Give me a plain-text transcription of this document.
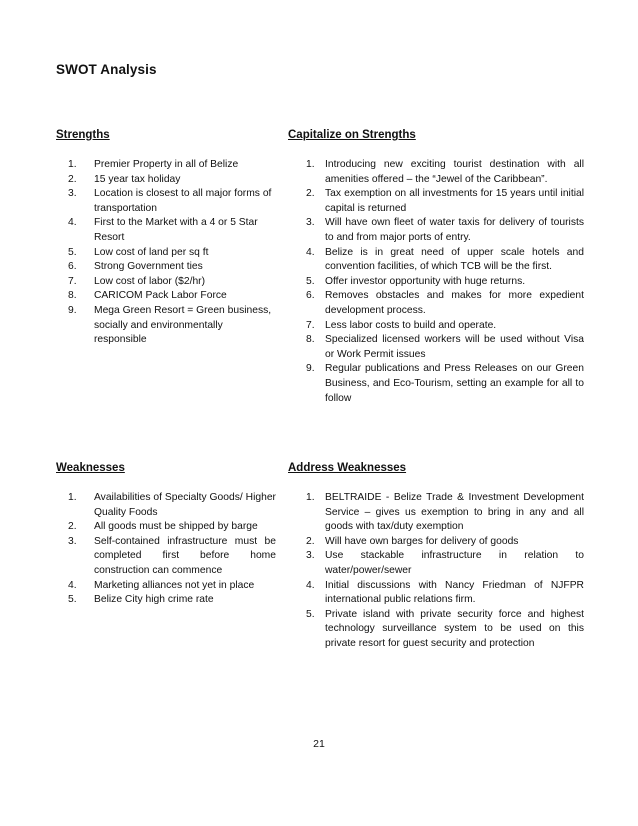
SWOT Analysis
Strengths
1. Premier Property in all of Belize
2. 15 year tax holiday
3. Location is closest to all major forms of transportation
4. First to the Market with a 4 or 5 Star Resort
5. Low cost of land per sq ft
6. Strong Government ties
7. Low cost of labor ($2/hr)
8. CARICOM Pack Labor Force
9. Mega Green Resort = Green business, socially and environmentally responsible
Capitalize on Strengths
1. Introducing new exciting tourist destination with all amenities offered – the “Jewel of the Caribbean”.
2. Tax exemption on all investments for 15 years until initial capital is returned
3. Will have own fleet of water taxis for delivery of tourists to and from major ports of entry.
4. Belize is in great need of upper scale hotels and convention facilities, of which TCB will be the first.
5. Offer investor opportunity with huge returns.
6. Removes obstacles and makes for more expedient development process.
7. Less labor costs to build and operate.
8. Specialized licensed workers will be used without Visa or Work Permit issues
9. Regular publications and Press Releases on our Green Business, and Eco-Tourism, setting an example for all to follow
Weaknesses
1. Availabilities of Specialty Goods/ Higher Quality Foods
2. All goods must be shipped by barge
3. Self-contained infrastructure must be completed first before home construction can commence
4. Marketing alliances not yet in place
5. Belize City high crime rate
Address Weaknesses
1. BELTRAIDE - Belize Trade & Investment Development Service – gives us exemption to bring in any and all goods with tax/duty exemption
2. Will have own barges for delivery of goods
3. Use stackable infrastructure in relation to water/power/sewer
4. Initial discussions with Nancy Friedman of NJFPR international public relations firm.
5. Private island with private security force and highest technology surveillance system to be used on this private resort for guest security and protection
21
